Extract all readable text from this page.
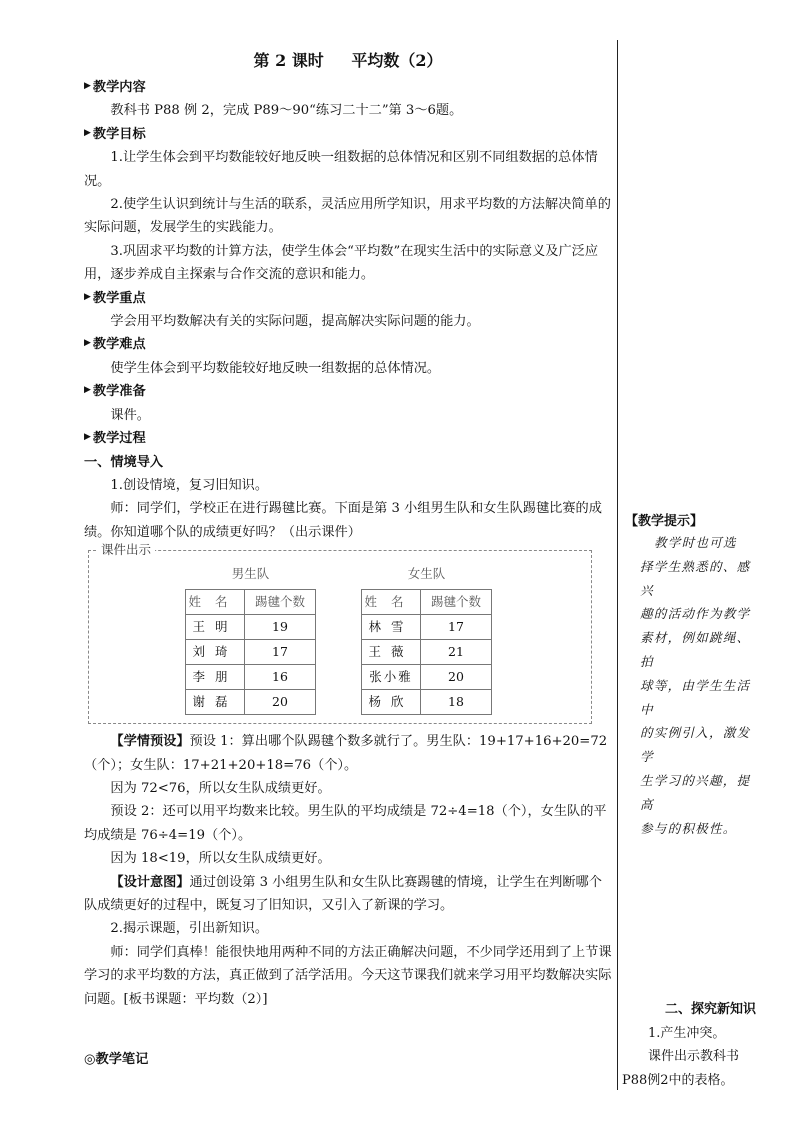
第 2 课时 平均数（2）
▶ 教学内容
教科书 P88 例 2，完成 P89～90“练习二十二”第 3～6题。
▶ 教学目标
1.让学生体会到平均数能较好地反映一组数据的总体情况和区别不同组数据的总体情况。
2.使学生认识到统计与生活的联系，灵活应用所学知识，用求平均数的方法解决简单的实际问题，发展学生的实践能力。
3.巩固求平均数的计算方法，使学生体会“平均数”在现实生活中的实际意义及广泛应用，逐步养成自主探索与合作交流的意识和能力。
▶ 教学重点
学会用平均数解决有关的实际问题，提高解决实际问题的能力。
▶ 教学难点
使学生体会到平均数能较好地反映一组数据的总体情况。
▶ 教学准备
课件。
▶ 教学过程
一、情境导入
1.创设情境，复习旧知识。
师：同学们，学校正在进行踢毽比赛。下面是第 3 小组男生队和女生队踢毽比赛的成绩。你知道哪个队的成绩更好吗？（出示课件）
课件出示
男生队
姓名	踢毽个数
王明	19
刘琦	17
李朋	16
谢磊	20
女生队
姓名	踢毽个数
林雪	17
王薇	21
张小雅	20
杨欣	18
【学情预设】预设 1：算出哪个队踢毽个数多就行了。男生队：19+17+16+20=72（个）；女生队：17+21+20+18=76（个）。
因为 72<76，所以女生队成绩更好。
预设 2：还可以用平均数来比较。男生队的平均成绩是 72÷4=18（个），女生队的平均成绩是 76÷4=19（个）。
因为 18<19，所以女生队成绩更好。
【设计意图】通过创设第 3 小组男生队和女生队比赛踢毽的情境，让学生在判断哪个队成绩更好的过程中，既复习了旧知识，又引入了新课的学习。
2.揭示课题，引出新知识。
师：同学们真棒！能很快地用两种不同的方法正确解决问题，不少同学还用到了上节课学习的求平均数的方法，真正做到了活学活用。今天这节课我们就来学习用平均数解决实际问题。[板书课题：平均数（2）]
◎教学笔记
【教学提示】
教学时也可选
择学生熟悉的、感兴
趣的活动作为教学
素材，例如跳绳、拍
球等，由学生生活中
的实例引入，激发学
生学习的兴趣，提高
参与的积极性。
二、探究新知识
1.产生冲突。
课件出示教科书P88例2中的表格。
